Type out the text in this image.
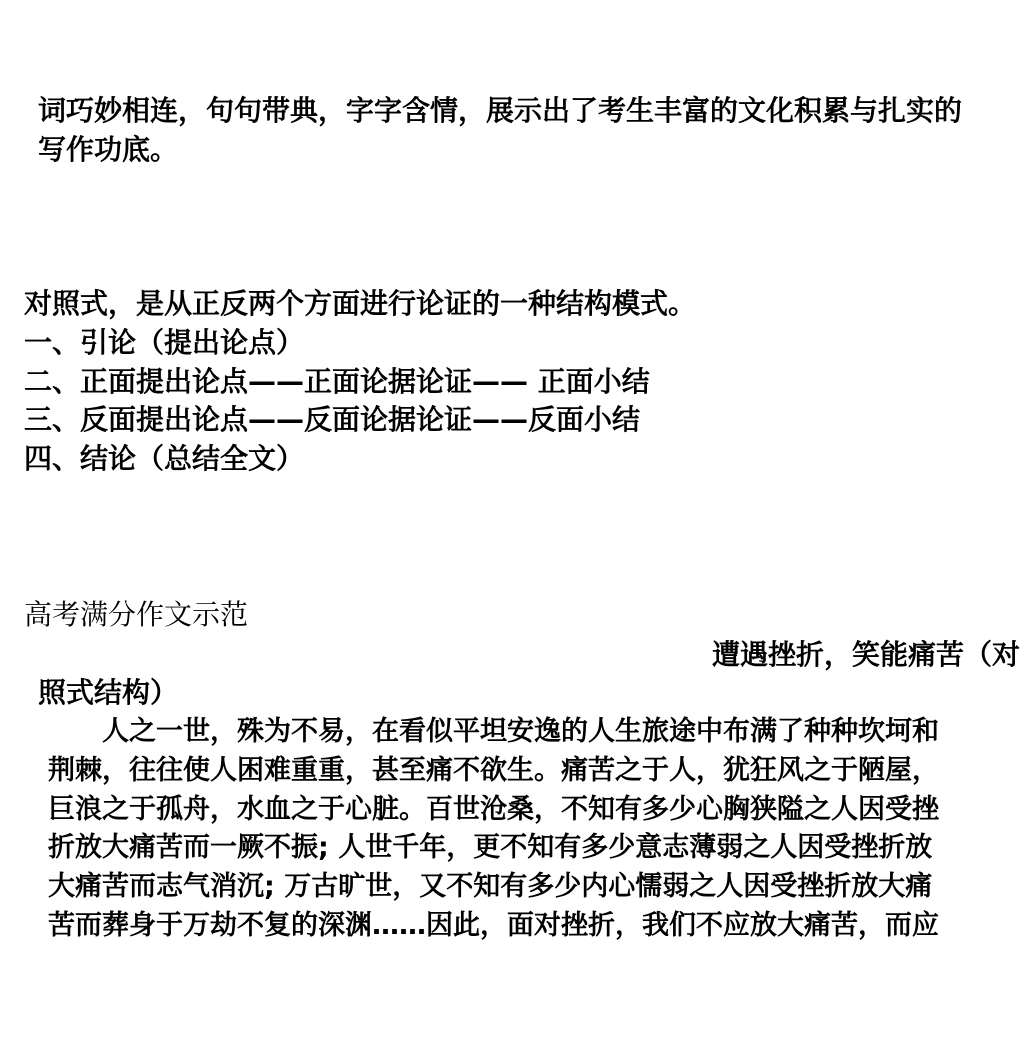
词巧妙相连，句句带典，字字含情，展示出了考生丰富的文化积累与扎实的
写作功底。
对照式，是从正反两个方面进行论证的一种结构模式。
一、引论（提出论点）
二、正面提出论点——正面论据论证—— 正面小结
三、反面提出论点——反面论据论证——反面小结
四、结论（总结全文）
高考满分作文示范
遭遇挫折，笑能痛苦（对
照式结构）
　　人之一世，殊为不易，在看似平坦安逸的人生旅途中布满了种种坎坷和
荆棘，往往使人困难重重，甚至痛不欲生。痛苦之于人，犹狂风之于陋屋，
巨浪之于孤舟，水血之于心脏。百世沧桑，不知有多少心胸狭隘之人因受挫
折放大痛苦而一厥不振; 人世千年，更不知有多少意志薄弱之人因受挫折放
大痛苦而志气消沉; 万古旷世，又不知有多少内心懦弱之人因受挫折放大痛
苦而葬身于万劫不复的深渊……因此，面对挫折，我们不应放大痛苦，而应
